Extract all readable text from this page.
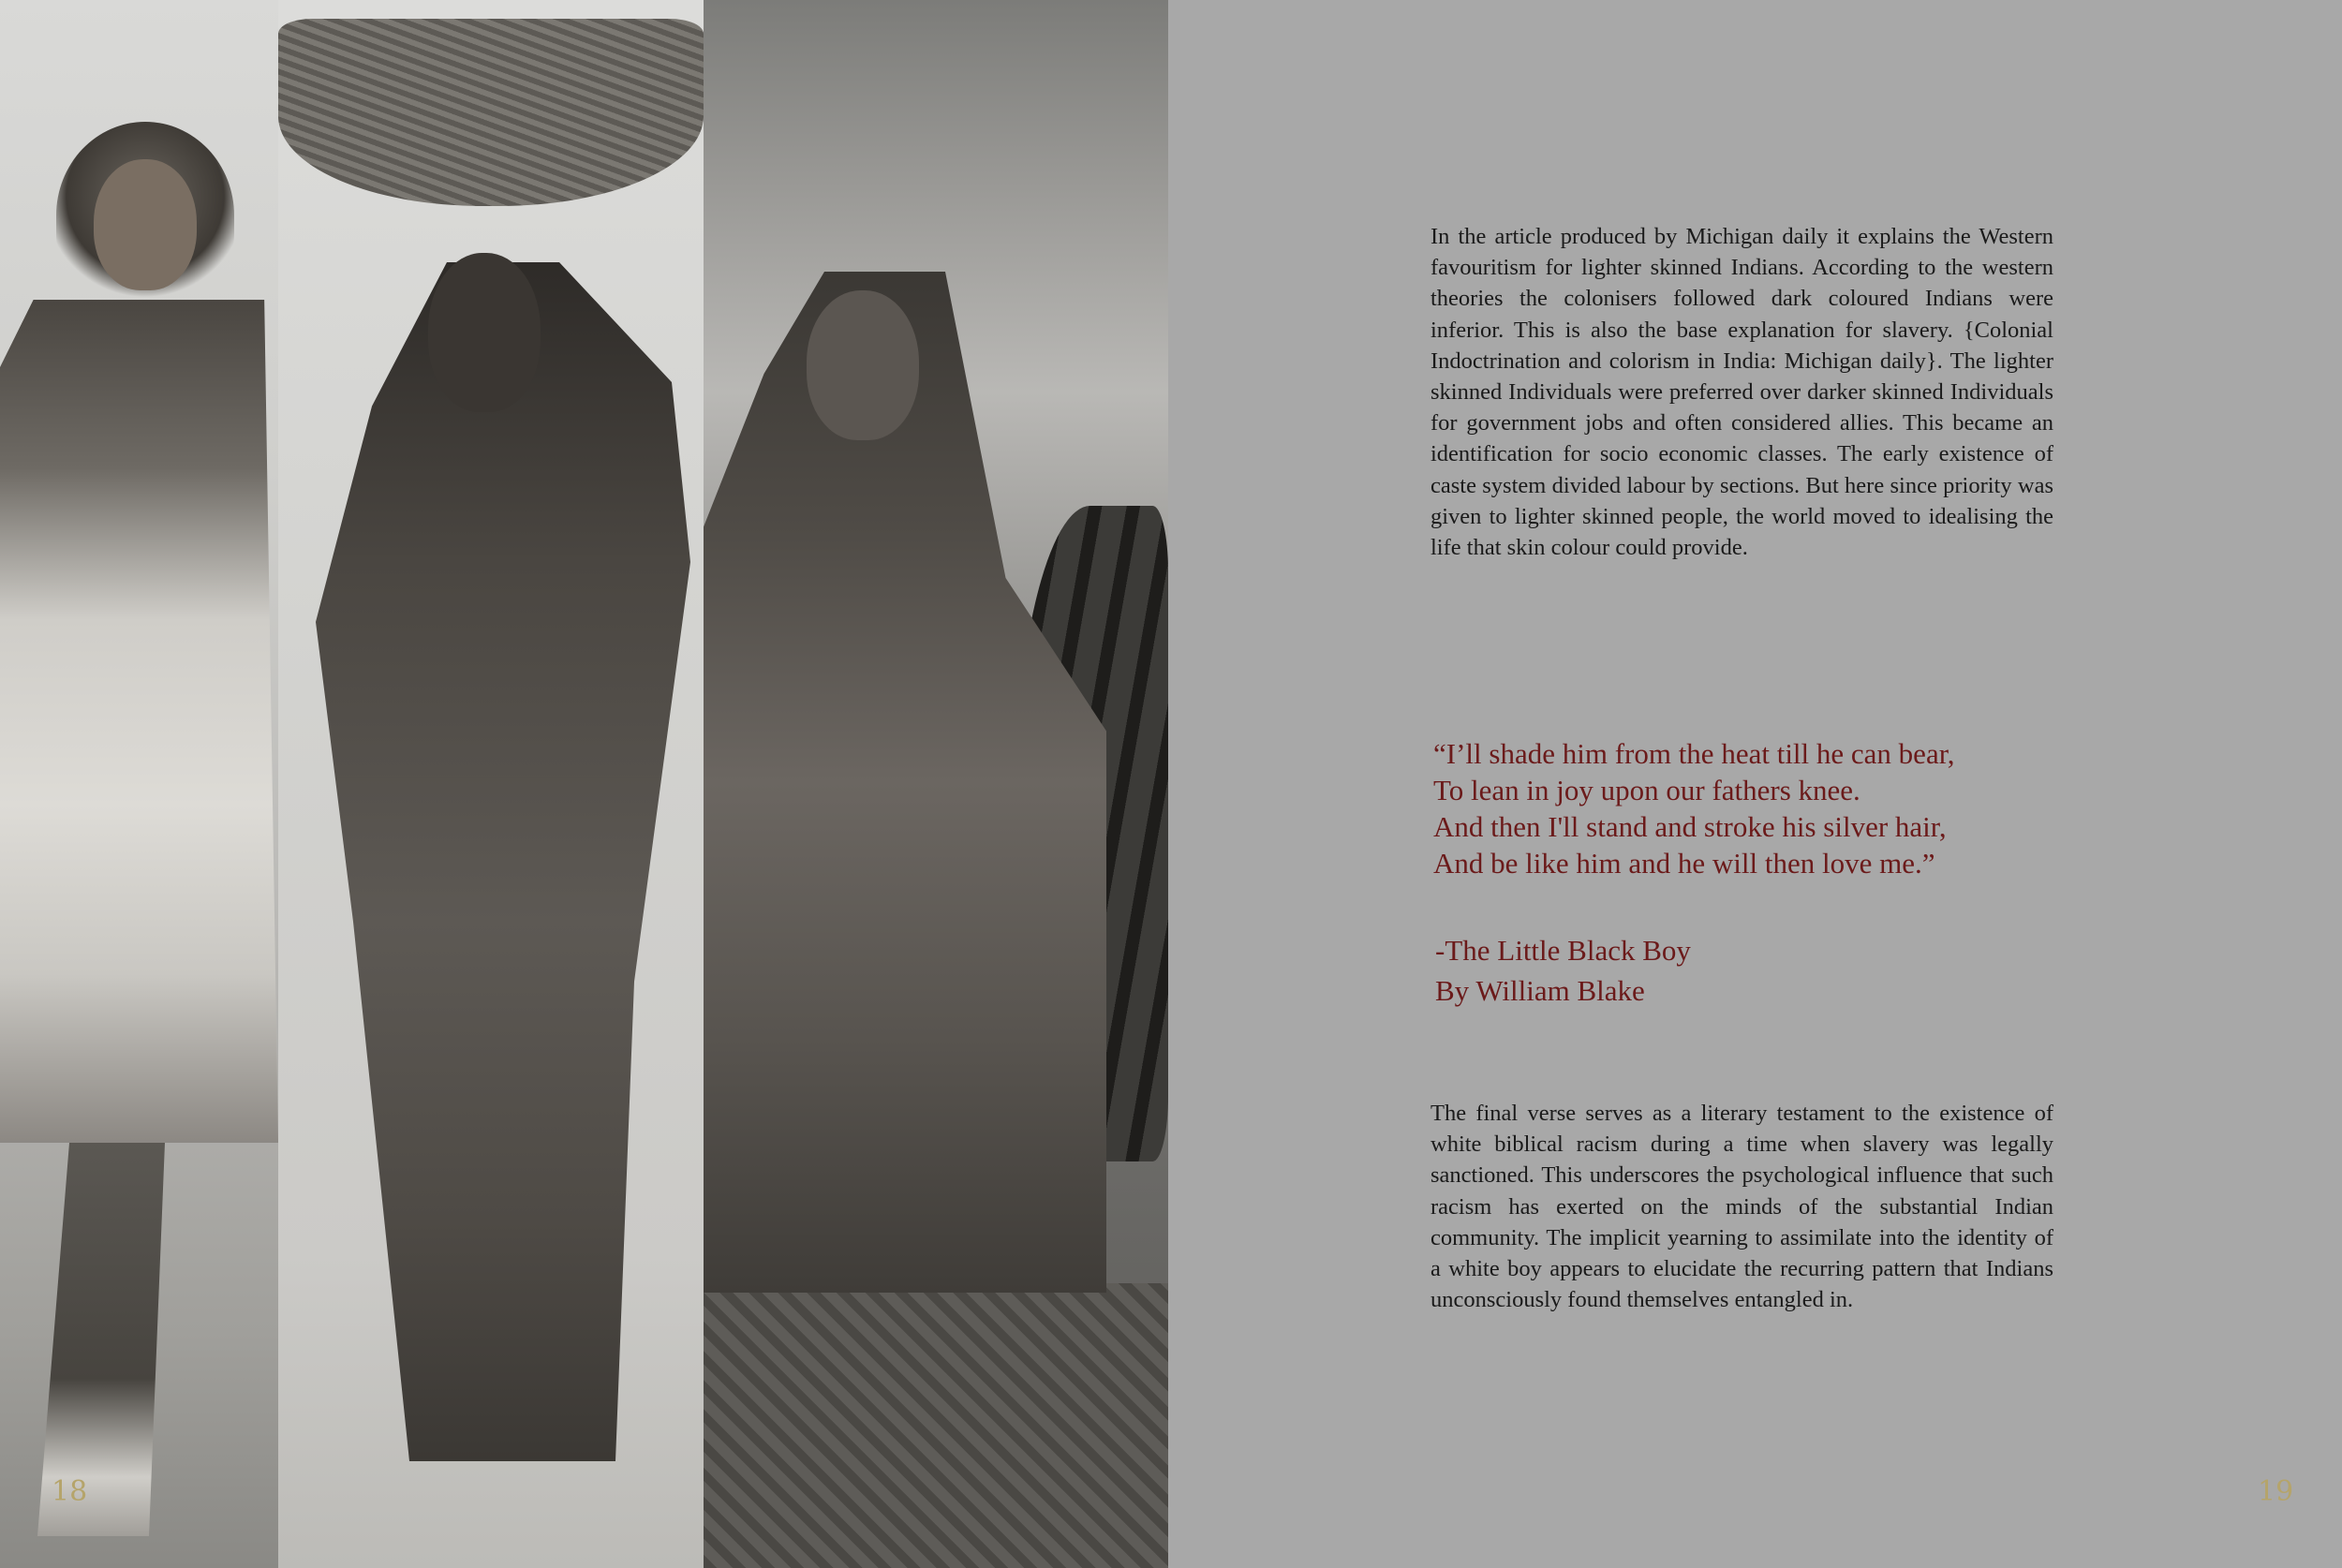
18	19

In the article produced by Michigan daily it explains the Western favouritism for lighter skinned Indians. According to the western theories the colonisers followed dark coloured Indians were inferior. This is also the base explanation for slavery. {Colonial Indoctrination and colorism in India: Michigan daily}. The lighter skinned Individuals were preferred over darker skinned Individuals for government jobs and often considered allies. This became an identification for socio economic classes. The early existence of caste system divided labour by sections. But here since priority was given to lighter skinned people, the world moved to idealising the life that skin colour could provide.

“I’ll shade him from the heat till he can bear,
To lean in joy upon our fathers knee.
And then I'll stand and stroke his silver hair,
And be like him and he will then love me.”
-The Little Black Boy
By William Blake

The final verse serves as a literary testament to the existence of white biblical racism during a time when slavery was legally sanctioned. This underscores the psychological influence that such racism has exerted on the minds of the substantial Indian community. The implicit yearning to assimilate into the identity of a white boy appears to elucidate the recurring pattern that Indians unconsciously found themselves entangled in.
